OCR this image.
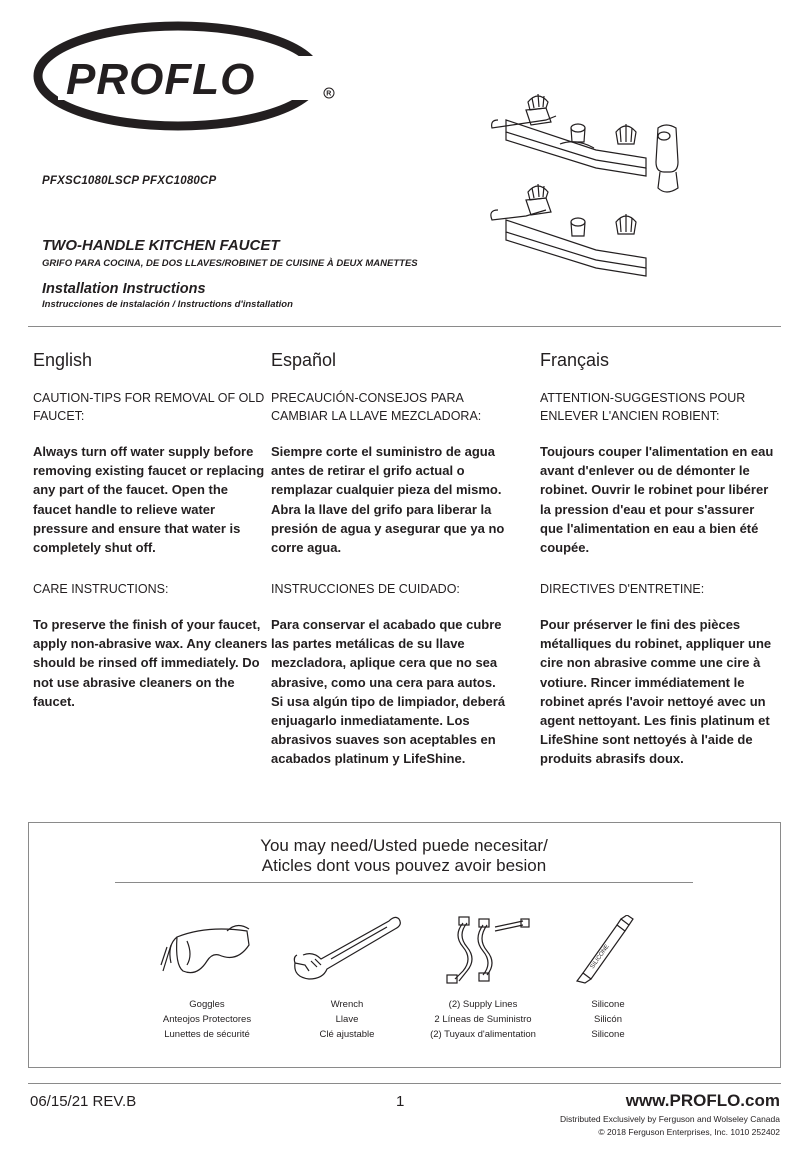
PROFLO	R
PFXSC1080LSCP PFXC1080CP
TWO-HANDLE KITCHEN FAUCET
GRIFO PARA COCINA, DE DOS LLAVES/ROBINET DE CUISINE À DEUX MANETTES
Installation Instructions
Instrucciones de instalación / Instructions d'installation
English
CAUTION-TIPS FOR REMOVAL OF OLD FAUCET:
Always turn off water supply before removing existing faucet or replacing any part of the faucet. Open the faucet handle to relieve water pressure and ensure that water is completely shut off.
CARE INSTRUCTIONS:
To preserve the finish of your faucet, apply non-abrasive wax. Any cleaners should be rinsed off immediately. Do not use abrasive cleaners on the faucet.
Español
PRECAUCIÓN-CONSEJOS PARA CAMBIAR LA LLAVE MEZCLADORA:
Siempre corte el suministro de agua antes de retirar el grifo actual o remplazar cualquier pieza del mismo. Abra la llave del grifo para liberar la presión de agua y asegurar que ya no corre agua.
INSTRUCCIONES DE CUIDADO:
Para conservar el acabado que cubre las partes metálicas de su llave mezcladora, aplique cera que no sea abrasive, como una cera para autos. Si usa algún tipo de limpiador, deberá enjuagarlo inmediatamente. Los abrasivos suaves son aceptables en acabados platinum y LifeShine.
Français
ATTENTION-SUGGESTIONS POUR ENLEVER L'ANCIEN ROBIENT:
Toujours couper l'alimentation en eau avant d'enlever ou de démonter le robinet. Ouvrir le robinet pour libérer la pression d'eau et pour s'assurer que l'alimentation en eau a bien été coupée.
DIRECTIVES D'ENTRETINE:
Pour préserver le fini des pièces métalliques du robinet, appliquer une cire non abrasive comme une cire à votiure. Rincer immédiatement le robinet aprés l'avoir nettoyé avec un agent nettoyant. Les finis platinum et LifeShine sont nettoyés à l'aide de produits abrasifs doux.
You may need/Usted puede necesitar/
Aticles dont vous pouvez avoir besion
Goggles
Anteojos Protectores
Lunettes de sécurité
Wrench
Llave
Clé ajustable
(2) Supply Lines
2 Líneas de Suministro
(2) Tuyaux d'alimentation
SILICONE
Silicone
Silicón
Silicone
06/15/21 REV.B	1	www.PROFLO.com
Distributed Exclusively by Ferguson and Wolseley Canada
© 2018 Ferguson Enterprises, Inc. 1010 252402
